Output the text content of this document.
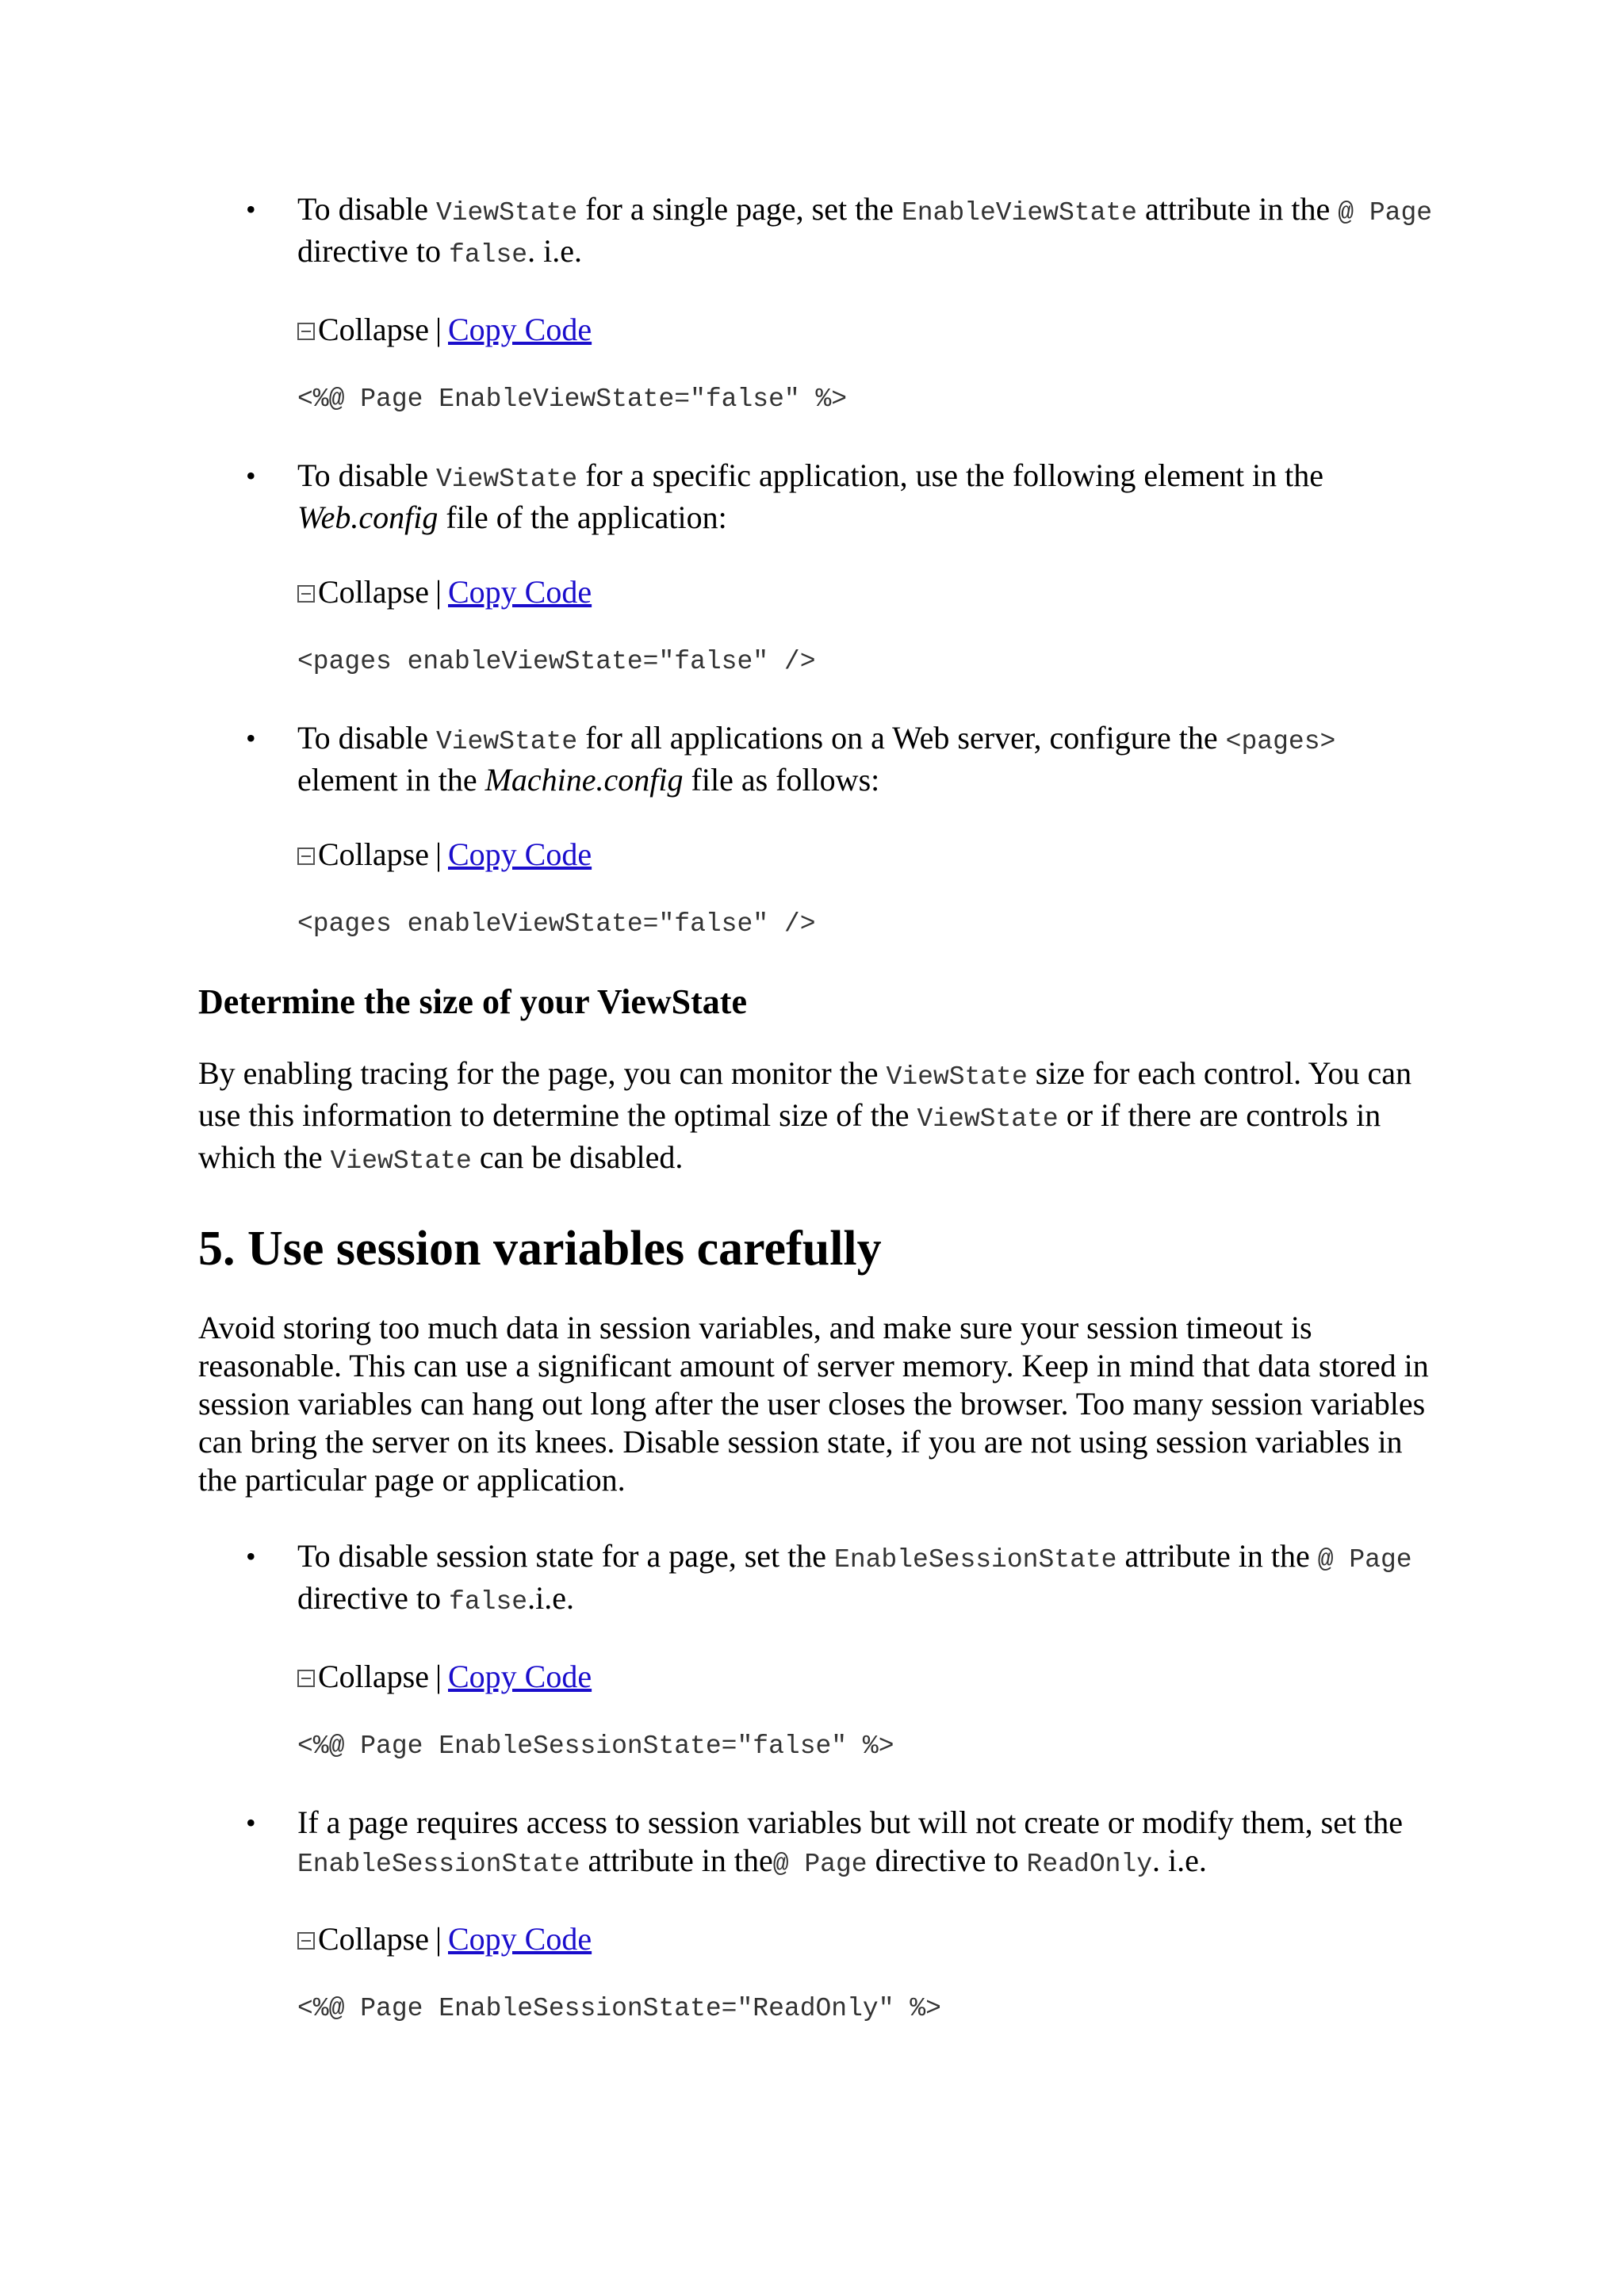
• To disable ViewState for a single page, set the EnableViewState attribute in the @ Page directive to false. i.e.
Collapse | Copy Code
<%@ Page EnableViewState="false" %>
• To disable ViewState for a specific application, use the following element in the Web.config file of the application:
Collapse | Copy Code
<pages enableViewState="false" />
• To disable ViewState for all applications on a Web server, configure the <pages> element in the Machine.config file as follows:
Collapse | Copy Code
<pages enableViewState="false" />
Determine the size of your ViewState

By enabling tracing for the page, you can monitor the ViewState size for each control. You can use this information to determine the optimal size of the ViewState or if there are controls in which the ViewState can be disabled.

5. Use session variables carefully

Avoid storing too much data in session variables, and make sure your session timeout is reasonable. This can use a significant amount of server memory. Keep in mind that data stored in session variables can hang out long after the user closes the browser. Too many session variables can bring the server on its knees. Disable session state, if you are not using session variables in the particular page or application.

• To disable session state for a page, set the EnableSessionState attribute in the @ Page directive to false.i.e.
Collapse | Copy Code
<%@ Page EnableSessionState="false" %>
• If a page requires access to session variables but will not create or modify them, set the EnableSessionState attribute in the@ Page directive to ReadOnly. i.e.
Collapse | Copy Code
<%@ Page EnableSessionState="ReadOnly" %>
